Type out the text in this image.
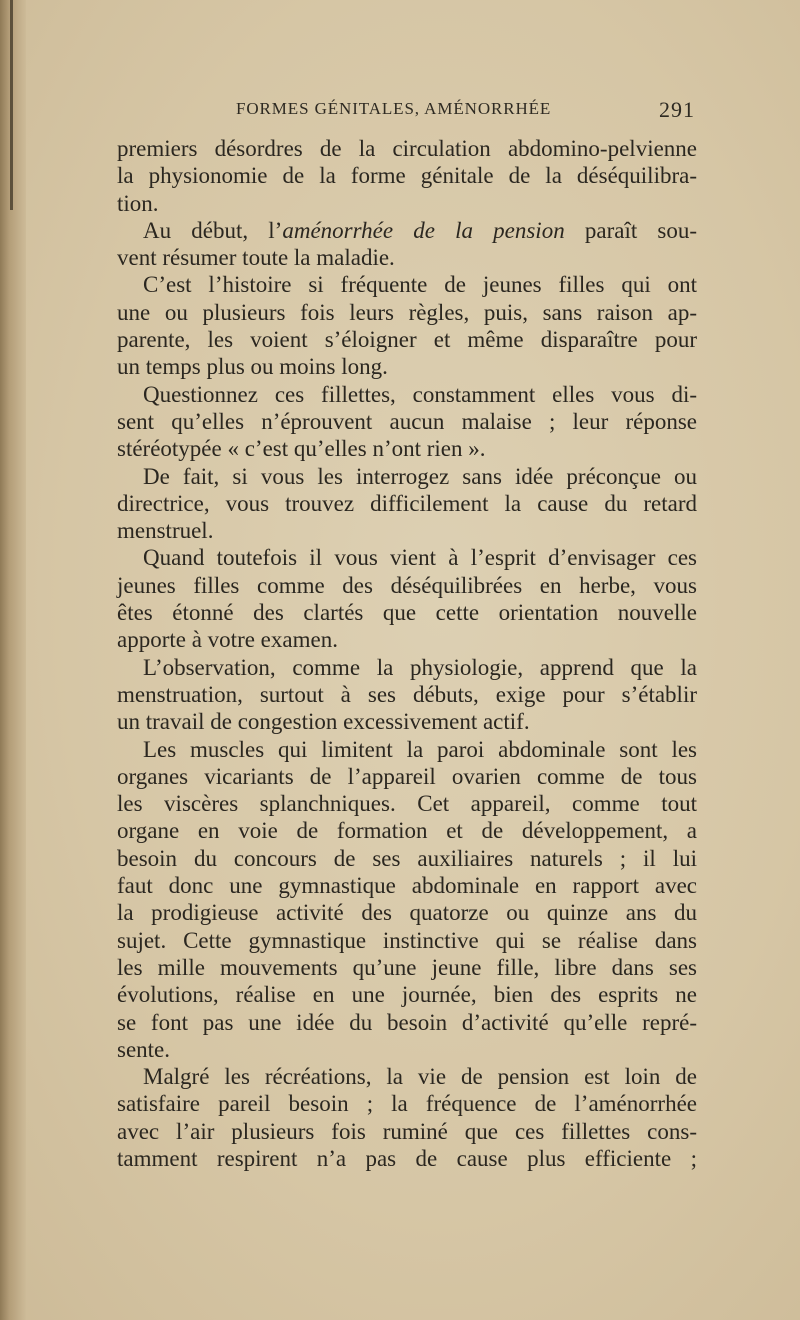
FORMES GÉNITALES, AMÉNORRHÉE	291
premiers désordres de la circulation abdomino-pelvienne
la physionomie de la forme génitale de la déséquilibra-
tion.
Au début, l’aménorrhée de la pension paraît sou-
vent résumer toute la maladie.
C’est l’histoire si fréquente de jeunes filles qui ont
une ou plusieurs fois leurs règles, puis, sans raison ap-
parente, les voient s’éloigner et même disparaître pour
un temps plus ou moins long.
Questionnez ces fillettes, constamment elles vous di-
sent qu’elles n’éprouvent aucun malaise ; leur réponse
stéréotypée « c’est qu’elles n’ont rien ».
De fait, si vous les interrogez sans idée préconçue ou
directrice, vous trouvez difficilement la cause du retard
menstruel.
Quand toutefois il vous vient à l’esprit d’envisager ces
jeunes filles comme des déséquilibrées en herbe, vous
êtes étonné des clartés que cette orientation nouvelle
apporte à votre examen.
L’observation, comme la physiologie, apprend que la
menstruation, surtout à ses débuts, exige pour s’établir
un travail de congestion excessivement actif.
Les muscles qui limitent la paroi abdominale sont les
organes vicariants de l’appareil ovarien comme de tous
les viscères splanchniques. Cet appareil, comme tout
organe en voie de formation et de développement, a
besoin du concours de ses auxiliaires naturels ; il lui
faut donc une gymnastique abdominale en rapport avec
la prodigieuse activité des quatorze ou quinze ans du
sujet. Cette gymnastique instinctive qui se réalise dans
les mille mouvements qu’une jeune fille, libre dans ses
évolutions, réalise en une journée, bien des esprits ne
se font pas une idée du besoin d’activité qu’elle repré-
sente.
Malgré les récréations, la vie de pension est loin de
satisfaire pareil besoin ; la fréquence de l’aménorrhée
avec l’air plusieurs fois ruminé que ces fillettes cons-
tamment respirent n’a pas de cause plus efficiente ;
